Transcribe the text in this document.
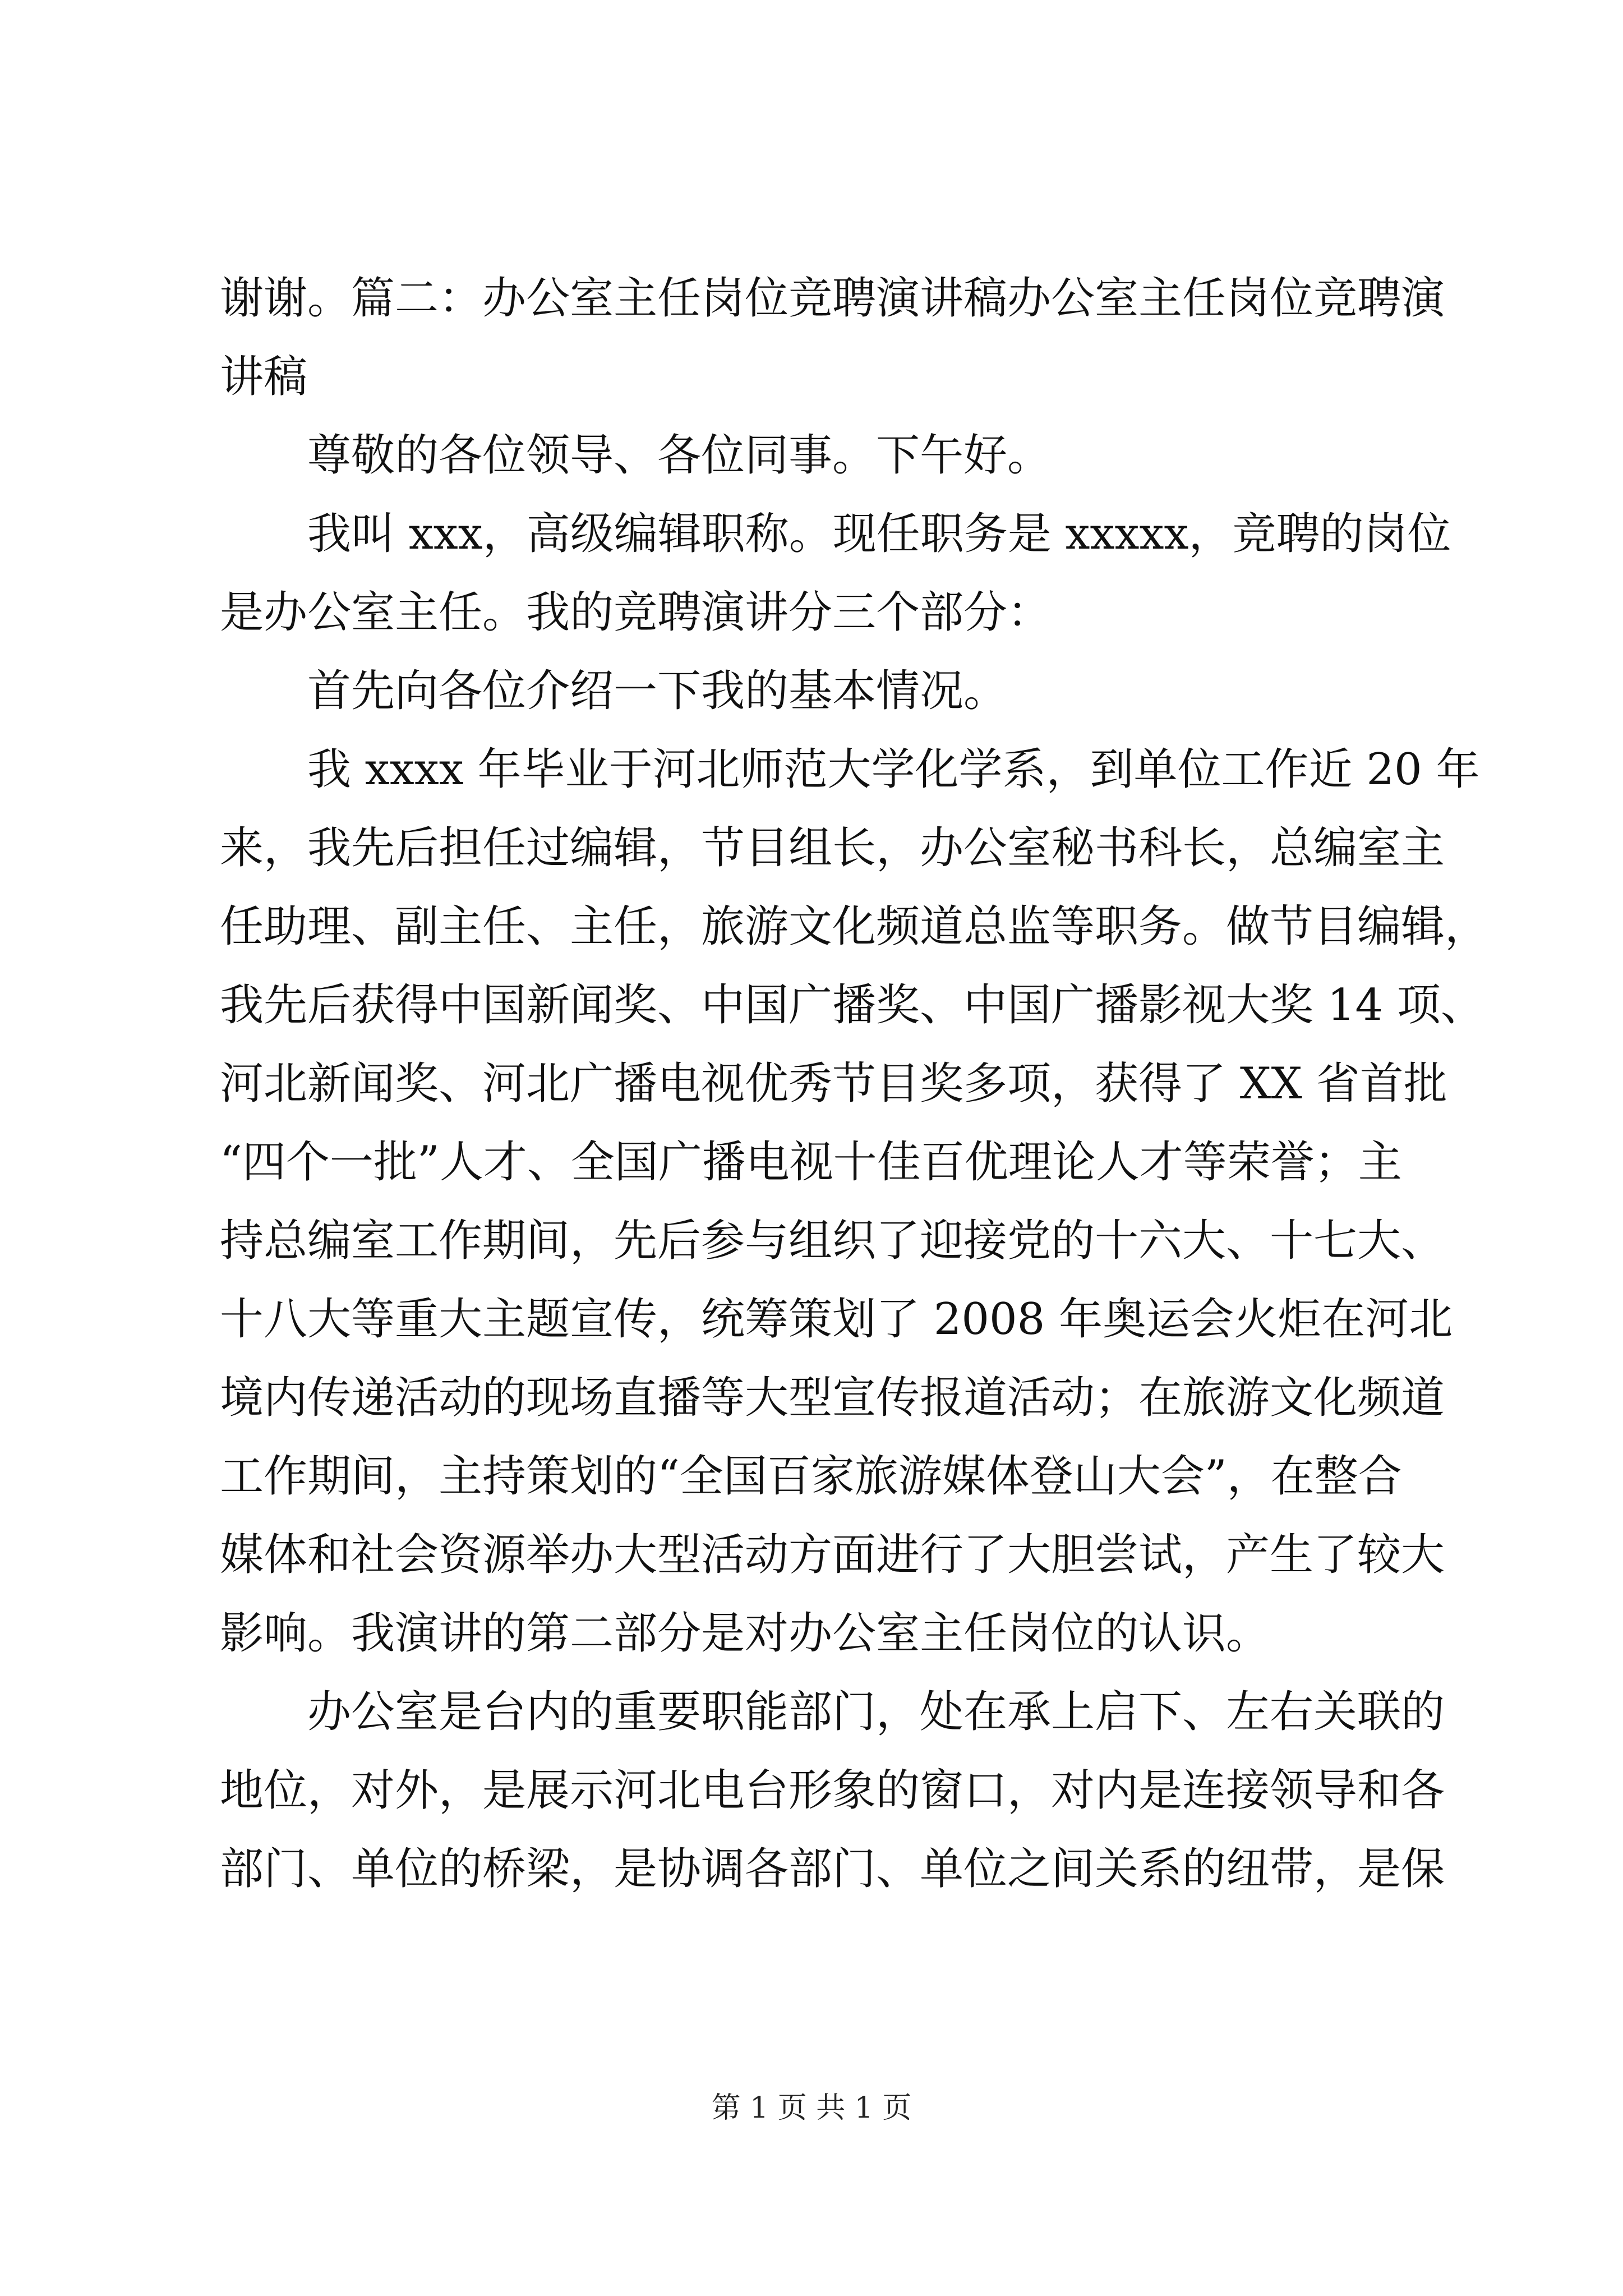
谢谢。篇二：办公室主任岗位竞聘演讲稿办公室主任岗位竞聘演
讲稿
尊敬的各位领导、各位同事。下午好。
我叫 xxx，高级编辑职称。现任职务是 xxxxx，竞聘的岗位
是办公室主任。我的竞聘演讲分三个部分：
首先向各位介绍一下我的基本情况。
我 xxxx 年毕业于河北师范大学化学系，到单位工作近 20 年
来，我先后担任过编辑，节目组长，办公室秘书科长，总编室主
任助理、副主任、主任，旅游文化频道总监等职务。做节目编辑，
我先后获得中国新闻奖、中国广播奖、中国广播影视大奖 14 项、
河北新闻奖、河北广播电视优秀节目奖多项，获得了 XX 省首批
“四个一批”人才、全国广播电视十佳百优理论人才等荣誉；主
持总编室工作期间，先后参与组织了迎接党的十六大、十七大、
十八大等重大主题宣传，统筹策划了 2008 年奥运会火炬在河北
境内传递活动的现场直播等大型宣传报道活动；在旅游文化频道
工作期间，主持策划的“全国百家旅游媒体登山大会”，在整合
媒体和社会资源举办大型活动方面进行了大胆尝试，产生了较大
影响。我演讲的第二部分是对办公室主任岗位的认识。
办公室是台内的重要职能部门，处在承上启下、左右关联的
地位，对外，是展示河北电台形象的窗口，对内是连接领导和各
部门、单位的桥梁，是协调各部门、单位之间关系的纽带，是保
第 1 页 共 1 页
